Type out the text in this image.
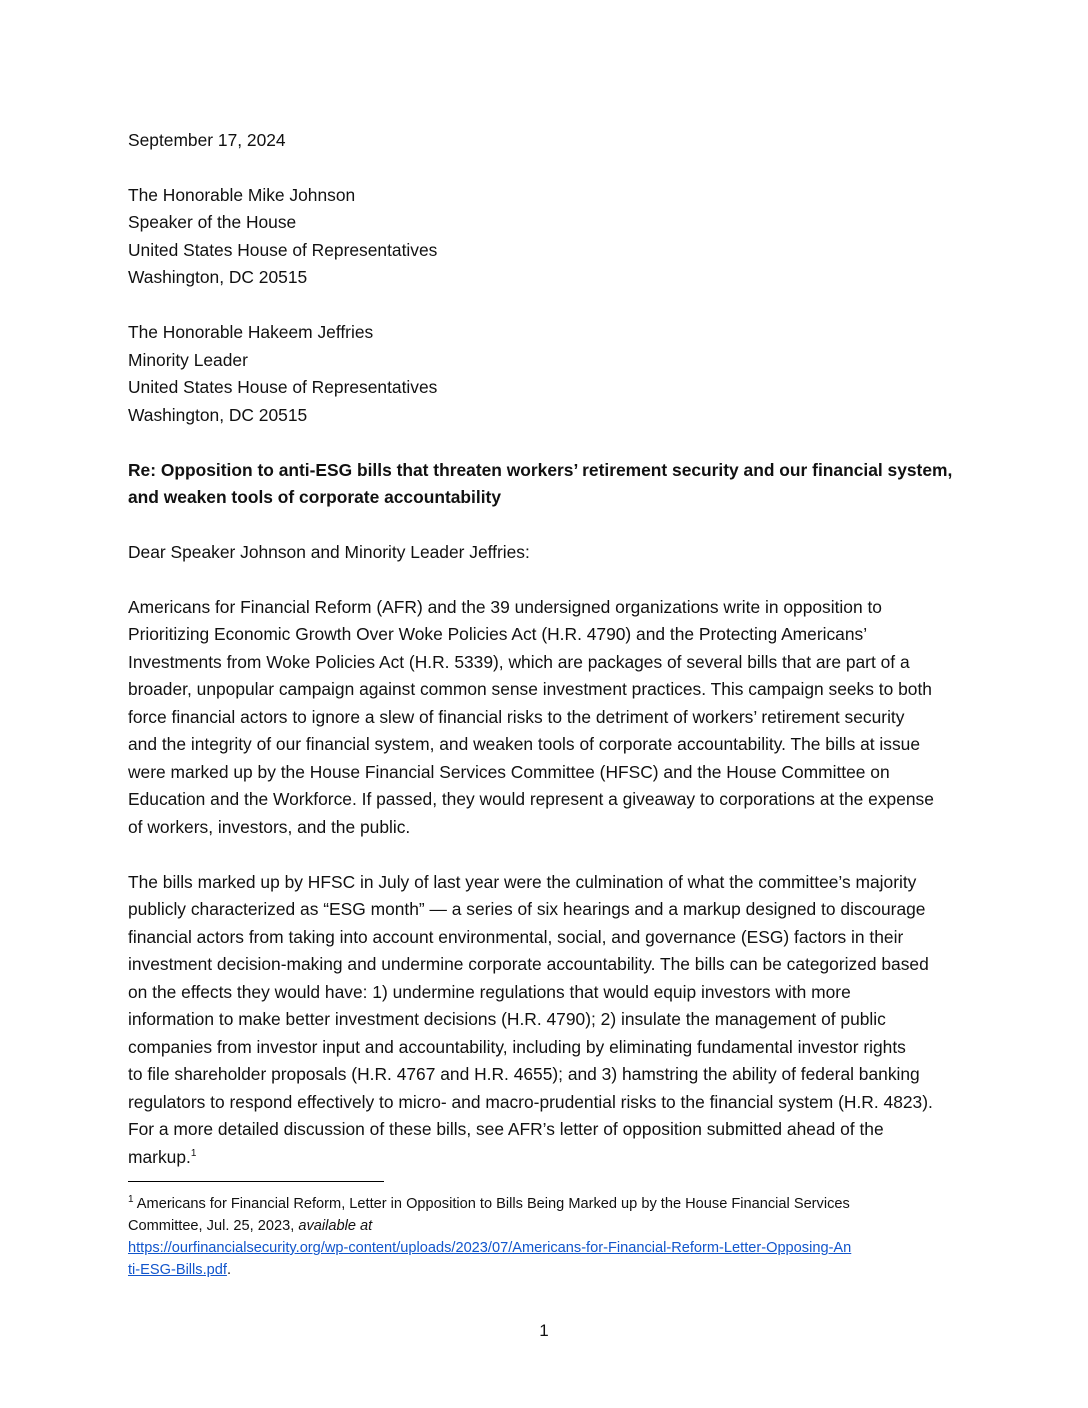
September 17, 2024
The Honorable Mike Johnson
Speaker of the House
United States House of Representatives
Washington, DC 20515
The Honorable Hakeem Jeffries
Minority Leader
United States House of Representatives
Washington, DC 20515
Re: Opposition to anti-ESG bills that threaten workers’ retirement security and our financial system,
and weaken tools of corporate accountability
Dear Speaker Johnson and Minority Leader Jeffries:
Americans for Financial Reform (AFR) and the 39 undersigned organizations write in opposition to
Prioritizing Economic Growth Over Woke Policies Act (H.R. 4790) and the Protecting Americans’
Investments from Woke Policies Act (H.R. 5339), which are packages of several bills that are part of a
broader, unpopular campaign against common sense investment practices. This campaign seeks to both
force financial actors to ignore a slew of financial risks to the detriment of workers’ retirement security
and the integrity of our financial system, and weaken tools of corporate accountability. The bills at issue
were marked up by the House Financial Services Committee (HFSC) and the House Committee on
Education and the Workforce. If passed, they would represent a giveaway to corporations at the expense
of workers, investors, and the public.
The bills marked up by HFSC in July of last year were the culmination of what the committee’s majority
publicly characterized as “ESG month” — a series of six hearings and a markup designed to discourage
financial actors from taking into account environmental, social, and governance (ESG) factors in their
investment decision-making and undermine corporate accountability. The bills can be categorized based
on the effects they would have: 1) undermine regulations that would equip investors with more
information to make better investment decisions (H.R. 4790); 2) insulate the management of public
companies from investor input and accountability, including by eliminating fundamental investor rights
to file shareholder proposals (H.R. 4767 and H.R. 4655); and 3) hamstring the ability of federal banking
regulators to respond effectively to micro- and macro-prudential risks to the financial system (H.R. 4823).
For a more detailed discussion of these bills, see AFR’s letter of opposition submitted ahead of the
markup.$^1$
$^1$ Americans for Financial Reform, Letter in Opposition to Bills Being Marked up by the House Financial Services
Committee, Jul. 25, 2023, available at
https://ourfinancialsecurity.org/wp-content/uploads/2023/07/Americans-for-Financial-Reform-Letter-Opposing-An
ti-ESG-Bills.pdf.
1
